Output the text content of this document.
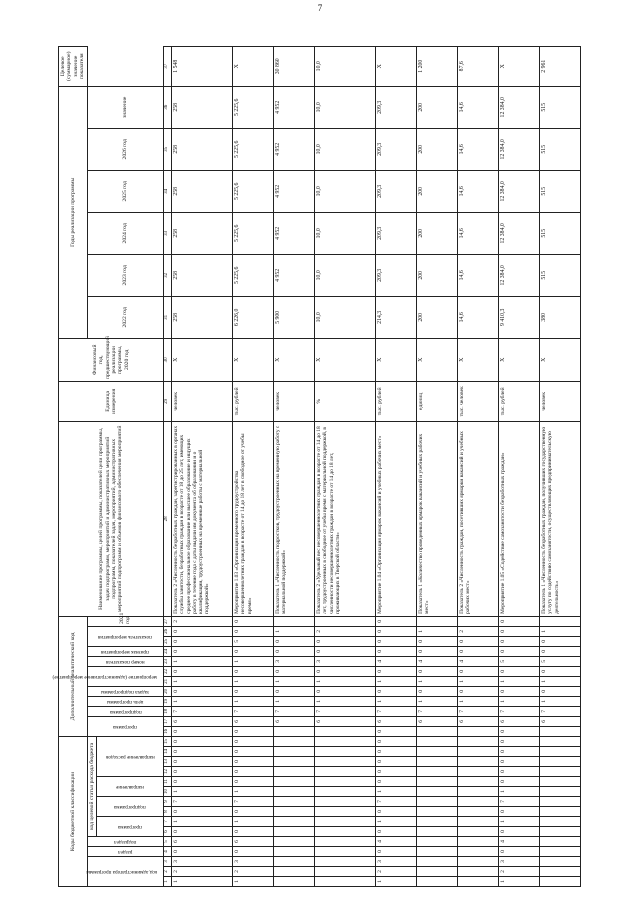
7
Коды бюджетной классификации															Дополнительный аналитический код												Наименование программы, целей программы, показателей цели программы, задач подпрограмм, мероприятий и административных мероприятий подпрограмм, показателей задач, мероприятий, административных мероприятий подпрограмм и объемов финансового обеспечения мероприятий	Единица измерения	Финансовый год, предшествующий реализации программы, 2020 год	Годы реализации программы						Целевое (суммарное) значение показателя

код администратора программы			раздел	подраздел	код целевой статьи расхода бюджета										программа		подпрограмма	цель программы	задача подпрограммы	мероприятие (административное мероприятие)		номер показателя	признак мероприятия	показатель мероприятия		2021 год				2022 год	2023 год	2024 год	2025 год	2026 год	значение	

					программа		подпрограмма		направление		направление расходов																									

1	2	3	4	5	6	7	8	9	10	11	12	13	14	15	16	17	18	19	20	21	22	23	24	25	26	27	28	29	30	31	32	33	34	35	36	37
1	2	3	0	6	0	1	0	7	1	0	0	0	0	0	0	6	7	1	0	1	0	1	0	0	0	2	Показатель 2 «Численность безработных граждан, зарегистрированных в органах службы занятости, безработных граждан в возрасте от 18 до 25 лет, имеющих среднее профессиональное образование или высшее образование и ищущих работу в течение года с даты выдачи им документа об образовании и о квалификации, трудоустроенных на временные работы с материальной поддержкой»	человек	Х	258	258	258	258	258	258	1 548
1	2	3	0	6	0	1	0	7	1	0	0	0	0	0	0	6	7	1	0	1	0	1	0	5	0	0	Мероприятие 1.03 «Организация временного трудоустройства несовершеннолетних граждан в возрасте от 14 до 18 лет в свободное от учебы время»	тыс. рублей	Х	6 226,0	5 225,6	5 225,6	5 225,6	5 225,6	5 225,6	Х
																6	7	1	0	1	0	3	0	0	1		Показатель 1 «Численность подростков, трудоустроенных на временную работу с материальной поддержкой»	человек	Х	5 900	4 952	4 952	4 952	4 952	4 952	30 860
																6	7	1	0	1	0	3	0	0	2		Показатель 2 «Удельный вес несовершеннолетних граждан в возрасте от 14 до 18 лет, трудоустроенных в свободное от учебы время с материальной поддержкой, в численности несовершеннолетних граждан в возрасте от 14 до 18 лет, проживающих в Тверской области»	%	Х	10,0	10,0	10,0	10,0	10,0	10,0	10,0
1	2	3	0	4	0	1	0	7	1	0	0	0	0	0	0	6	7	1	0	1	0	4	0	0	0	0	Мероприятие 1.04 «Организация ярмарок вакансий и учебных рабочих мест»	тыс. рублей	Х	214,3	209,3	209,3	209,3	209,3	209,3	Х
																6	7	1	0	1	0	4	0	0	1		Показатель 1 «Количество проведенных ярмарок вакансий и учебных рабочих мест»	единиц	Х	200	200	200	200	200	200	1 200
																6	7	1	0	1	0	4	0	0	2		Показатель 2 «Численность граждан, посетивших ярмарки вакансий и учебных рабочих мест»	тыс. человек	Х	14,6	14,6	14,6	14,6	14,6	14,6	87,6
1	2	3	0	4	0	1	0	7	1	0	0	0	0	0	0	6	7	1	0	1	0	5	0	0	0	0	Мероприятие 1.05 «Содействие самозанятости безработных граждан»	тыс. рублей	Х	9 410,3	12 384,0	12 384,0	12 384,0	12 384,0	12 384,0	Х
																6	7	1	0	1	0	5	0	0	1		Показатель 1 «Численность безработных граждан, получивших государственную услугу по содействию самозанятости, осуществляющих предпринимательскую деятельность»	человек	Х	380	515	515	515	515	515	2 961
